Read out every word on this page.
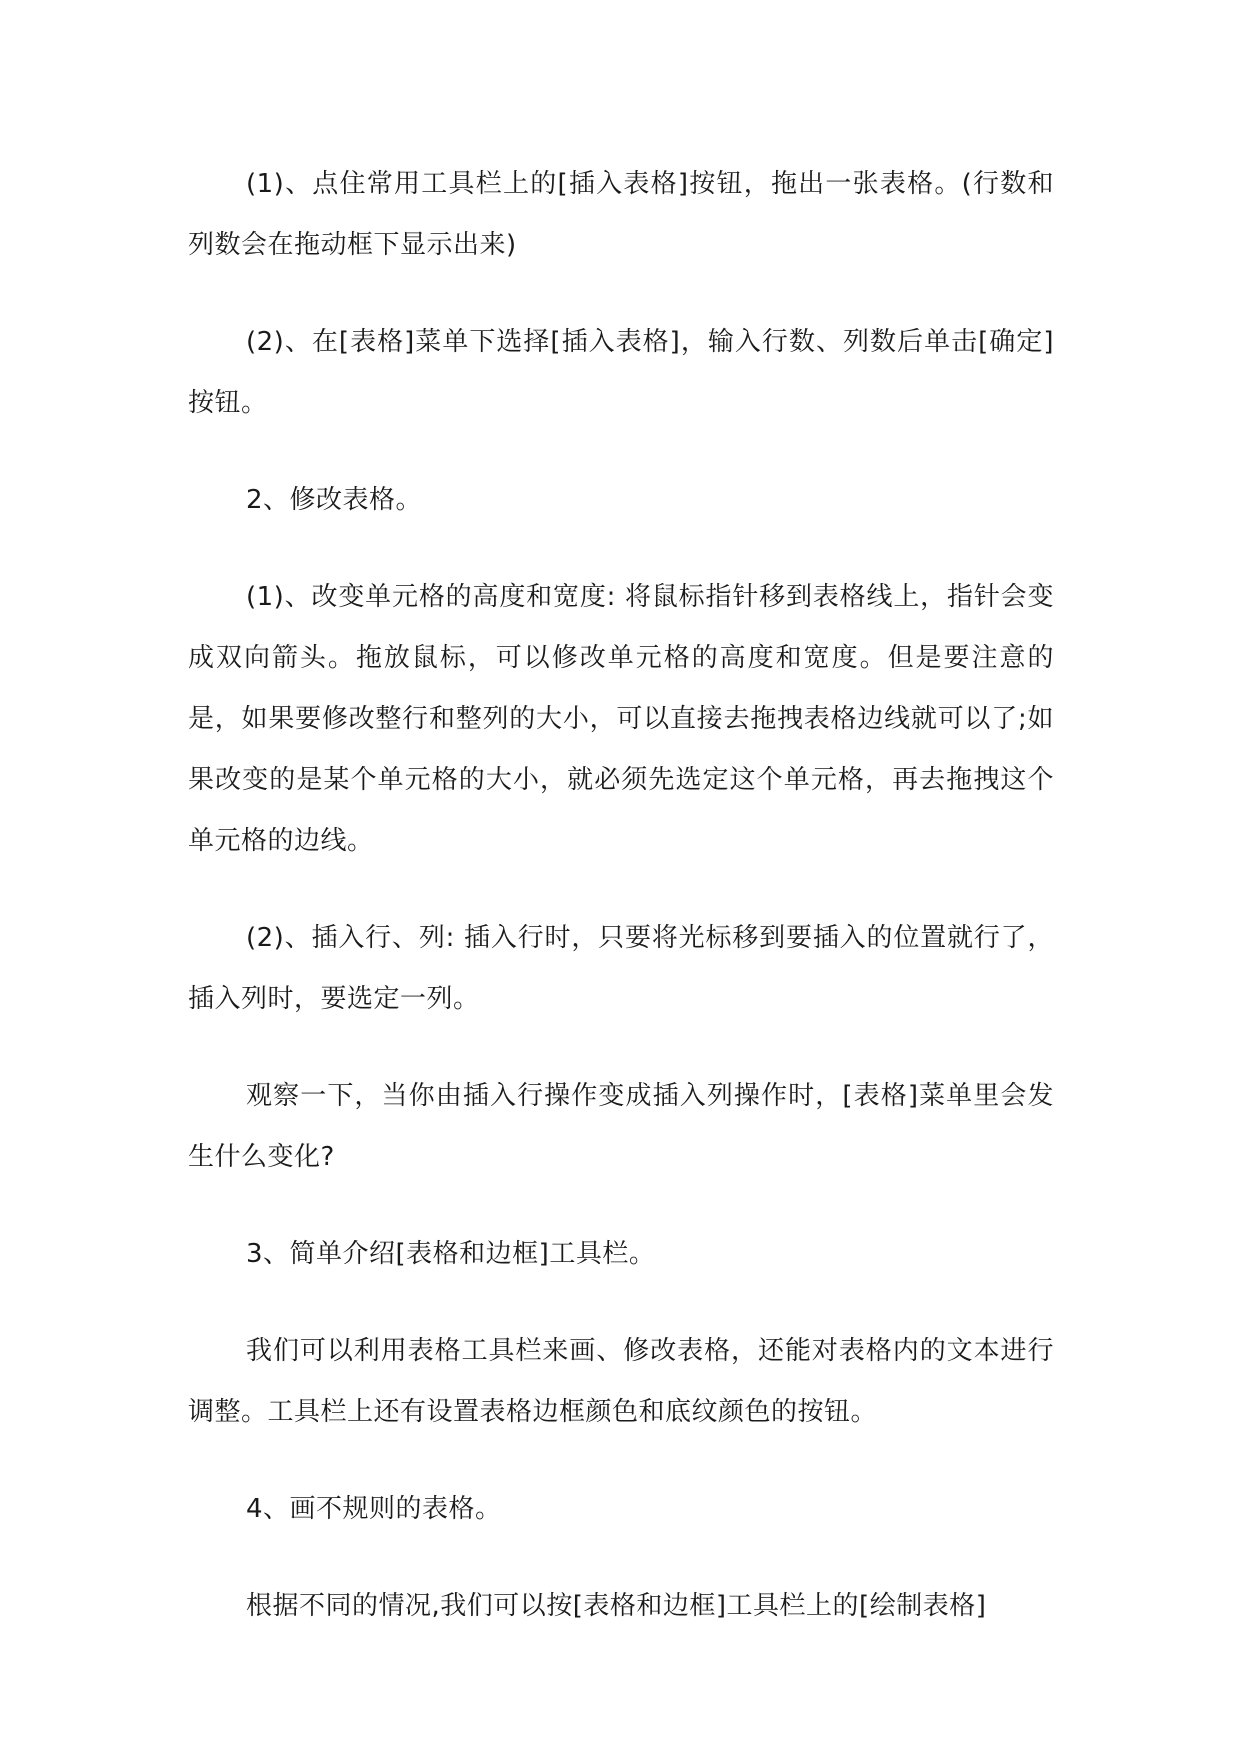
(1)、点住常用工具栏上的[插入表格]按钮，拖出一张表格。(行数和列数会在拖动框下显示出来)

(2)、在[表格]菜单下选择[插入表格]，输入行数、列数后单击[确定]按钮。

2、修改表格。

(1)、改变单元格的高度和宽度: 将鼠标指针移到表格线上，指针会变成双向箭头。拖放鼠标，可以修改单元格的高度和宽度。但是要注意的是，如果要修改整行和整列的大小，可以直接去拖拽表格边线就可以了;如果改变的是某个单元格的大小，就必须先选定这个单元格，再去拖拽这个单元格的边线。

(2)、插入行、列: 插入行时，只要将光标移到要插入的位置就行了，插入列时，要选定一列。

观察一下，当你由插入行操作变成插入列操作时，[表格]菜单里会发生什么变化?

3、简单介绍[表格和边框]工具栏。

我们可以利用表格工具栏来画、修改表格，还能对表格内的文本进行调整。工具栏上还有设置表格边框颜色和底纹颜色的按钮。

4、画不规则的表格。

根据不同的情况,我们可以按[表格和边框]工具栏上的[绘制表格]
